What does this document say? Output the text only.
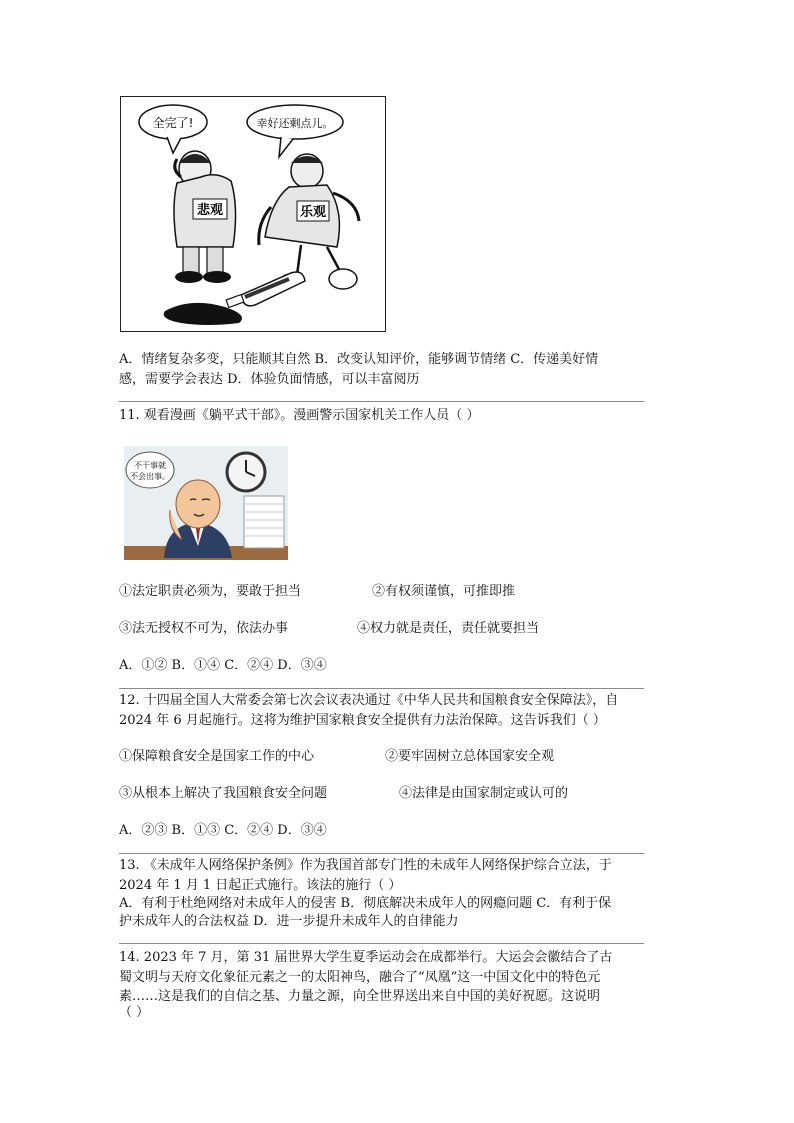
全完了!	幸好还剩点儿。
悲观	乐观
A．情绪复杂多变，只能顺其自然 B．改变认知评价，能够调节情绪 C．传递美好情
感，需要学会表达 D．体验负面情感，可以丰富阅历
11. 观看漫画《躺平式干部》。漫画警示国家机关工作人员（ ）
不干事就
不会出事。
①法定职责必须为，要敢于担当	②有权须谨慎，可推即推
③法无授权不可为，依法办事	④权力就是责任，责任就要担当
A．①② B．①④ C．②④ D．③④
12. 十四届全国人大常委会第七次会议表决通过《中华人民共和国粮食安全保障法》，自
2024 年 6 月起施行。这将为维护国家粮食安全提供有力法治保障。这告诉我们（ ）
①保障粮食安全是国家工作的中心	②要牢固树立总体国家安全观
③从根本上解决了我国粮食安全问题	④法律是由国家制定或认可的
A．②③ B．①③ C．②④ D．③④
13. 《未成年人网络保护条例》作为我国首部专门性的未成年人网络保护综合立法，于
2024 年 1 月 1 日起正式施行。该法的施行（ ）
A．有利于杜绝网络对未成年人的侵害 B．彻底解决未成年人的网瘾问题 C．有利于保
护未成年人的合法权益 D．进一步提升未成年人的自律能力
14. 2023 年 7 月，第 31 届世界大学生夏季运动会在成都举行。大运会会徽结合了古
蜀文明与天府文化象征元素之一的太阳神鸟，融合了“凤凰”这一中国文化中的特色元
素……这是我们的自信之基、力量之源，向全世界送出来自中国的美好祝愿。这说明
（ ）
